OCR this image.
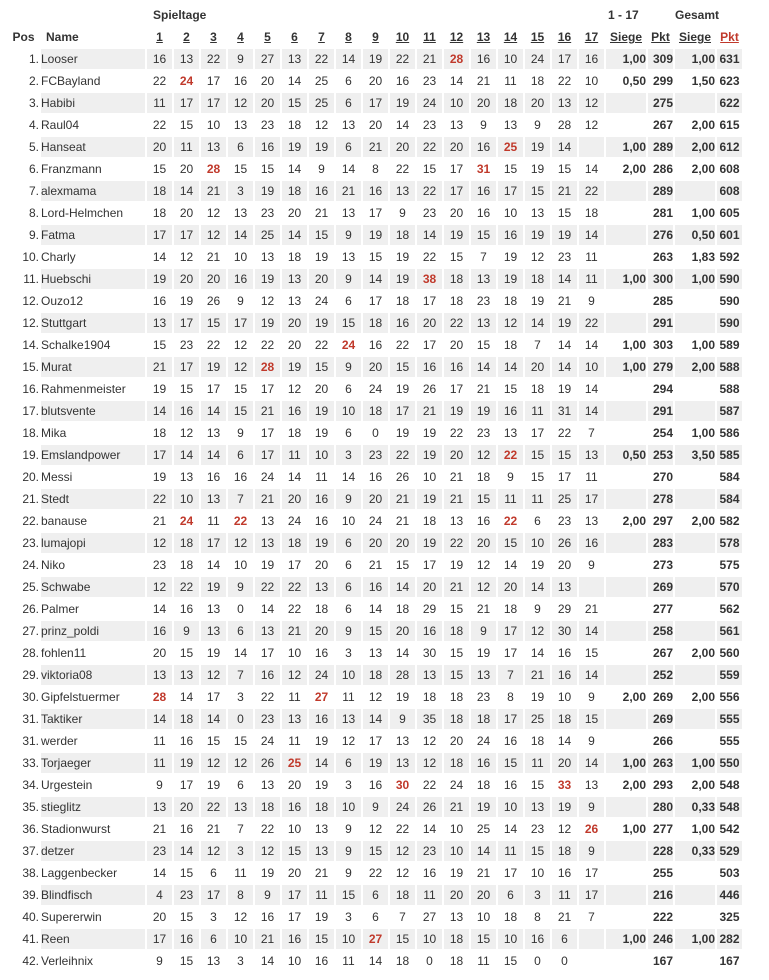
		Spieltage																	1 - 17		Gesamt	
Pos	Name	1	2	3	4	5	6	7	8	9	10	11	12	13	14	15	16	17	Siege	Pkt	Siege	Pkt
1.	Looser	16	13	22	9	27	13	22	14	19	22	21	28	16	10	24	17	16	1,00	309	1,00	631
2.	FCBayland	22	24	17	16	20	14	25	6	20	16	23	14	21	11	18	22	10	0,50	299	1,50	623
3.	Habibi	11	17	17	12	20	15	25	6	17	19	24	10	20	18	20	13	12		275		622
4.	Raul04	22	15	10	13	23	18	12	13	20	14	23	13	9	13	9	28	12		267	2,00	615
5.	Hanseat	20	11	13	6	16	19	19	6	21	20	22	20	16	25	19	14		1,00	289	2,00	612
6.	Franzmann	15	20	28	15	15	14	9	14	8	22	15	17	31	15	19	15	14	2,00	286	2,00	608
7.	alexmama	18	14	21	3	19	18	16	21	16	13	22	17	16	17	15	21	22		289		608
8.	Lord-Helmchen	18	20	12	13	23	20	21	13	17	9	23	20	16	10	13	15	18		281	1,00	605
9.	Fatma	17	17	12	14	25	14	15	9	19	18	14	19	15	16	19	19	14		276	0,50	601
10.	Charly	14	12	21	10	13	18	19	13	15	19	22	15	7	19	12	23	11		263	1,83	592
11.	Huebschi	19	20	20	16	19	13	20	9	14	19	38	18	13	19	18	14	11	1,00	300	1,00	590
12.	Ouzo12	16	19	26	9	12	13	24	6	17	18	17	18	23	18	19	21	9		285		590
12.	Stuttgart	13	17	15	17	19	20	19	15	18	16	20	22	13	12	14	19	22		291		590
14.	Schalke1904	15	23	22	12	22	20	22	24	16	22	17	20	15	18	7	14	14	1,00	303	1,00	589
15.	Murat	21	17	19	12	28	19	15	9	20	15	16	16	14	14	20	14	10	1,00	279	2,00	588
16.	Rahmenmeister	19	15	17	15	17	12	20	6	24	19	26	17	21	15	18	19	14		294		588
17.	blutsvente	14	16	14	15	21	16	19	10	18	17	21	19	19	16	11	31	14		291		587
18.	Mika	18	12	13	9	17	18	19	6	0	19	19	22	23	13	17	22	7		254	1,00	586
19.	Emslandpower	17	14	14	6	17	11	10	3	23	22	19	20	12	22	15	15	13	0,50	253	3,50	585
20.	Messi	19	13	16	16	24	14	11	14	16	26	10	21	18	9	15	17	11		270		584
21.	Stedt	22	10	13	7	21	20	16	9	20	21	19	21	15	11	11	25	17		278		584
22.	banause	21	24	11	22	13	24	16	10	24	21	18	13	16	22	6	23	13	2,00	297	2,00	582
23.	lumajopi	12	18	17	12	13	18	19	6	20	20	19	22	20	15	10	26	16		283		578
24.	Niko	23	18	14	10	19	17	20	6	21	15	17	19	12	14	19	20	9		273		575
25.	Schwabe	12	22	19	9	22	22	13	6	16	14	20	21	12	20	14	13			269		570
26.	Palmer	14	16	13	0	14	22	18	6	14	18	29	15	21	18	9	29	21		277		562
27.	prinz_poldi	16	9	13	6	13	21	20	9	15	20	16	18	9	17	12	30	14		258		561
28.	fohlen11	20	15	19	14	17	10	16	3	13	14	30	15	19	17	14	16	15		267	2,00	560
29.	viktoria08	13	13	12	7	16	12	24	10	18	28	13	15	13	7	21	16	14		252		559
30.	Gipfelstuermer	28	14	17	3	22	11	27	11	12	19	18	18	23	8	19	10	9	2,00	269	2,00	556
31.	Taktiker	14	18	14	0	23	13	16	13	14	9	35	18	18	17	25	18	15		269		555
31.	werder	11	16	15	15	24	11	19	12	17	13	12	20	24	16	18	14	9		266		555
33.	Torjaeger	11	19	12	12	26	25	14	6	19	13	12	18	16	15	11	20	14	1,00	263	1,00	550
34.	Urgestein	9	17	19	6	13	20	19	3	16	30	22	24	18	16	15	33	13	2,00	293	2,00	548
35.	stieglitz	13	20	22	13	18	16	18	10	9	24	26	21	19	10	13	19	9		280	0,33	548
36.	Stadionwurst	21	16	21	7	22	10	13	9	12	22	14	10	25	14	23	12	26	1,00	277	1,00	542
37.	detzer	23	14	12	3	12	15	13	9	15	12	23	10	14	11	15	18	9		228	0,33	529
38.	Laggenbecker	14	15	6	11	19	20	21	9	22	12	16	19	21	17	10	16	17		255		503
39.	Blindfisch	4	23	17	8	9	17	11	15	6	18	11	20	20	6	3	11	17		216		446
40.	Supererwin	20	15	3	12	16	17	19	3	6	7	27	13	10	18	8	21	7		222		325
41.	Reen	17	16	6	10	21	16	15	10	27	15	10	18	15	10	16	6		1,00	246	1,00	282
42.	Verleihnix	9	15	13	3	14	10	16	11	14	18	0	18	11	15	0	0			167		167
